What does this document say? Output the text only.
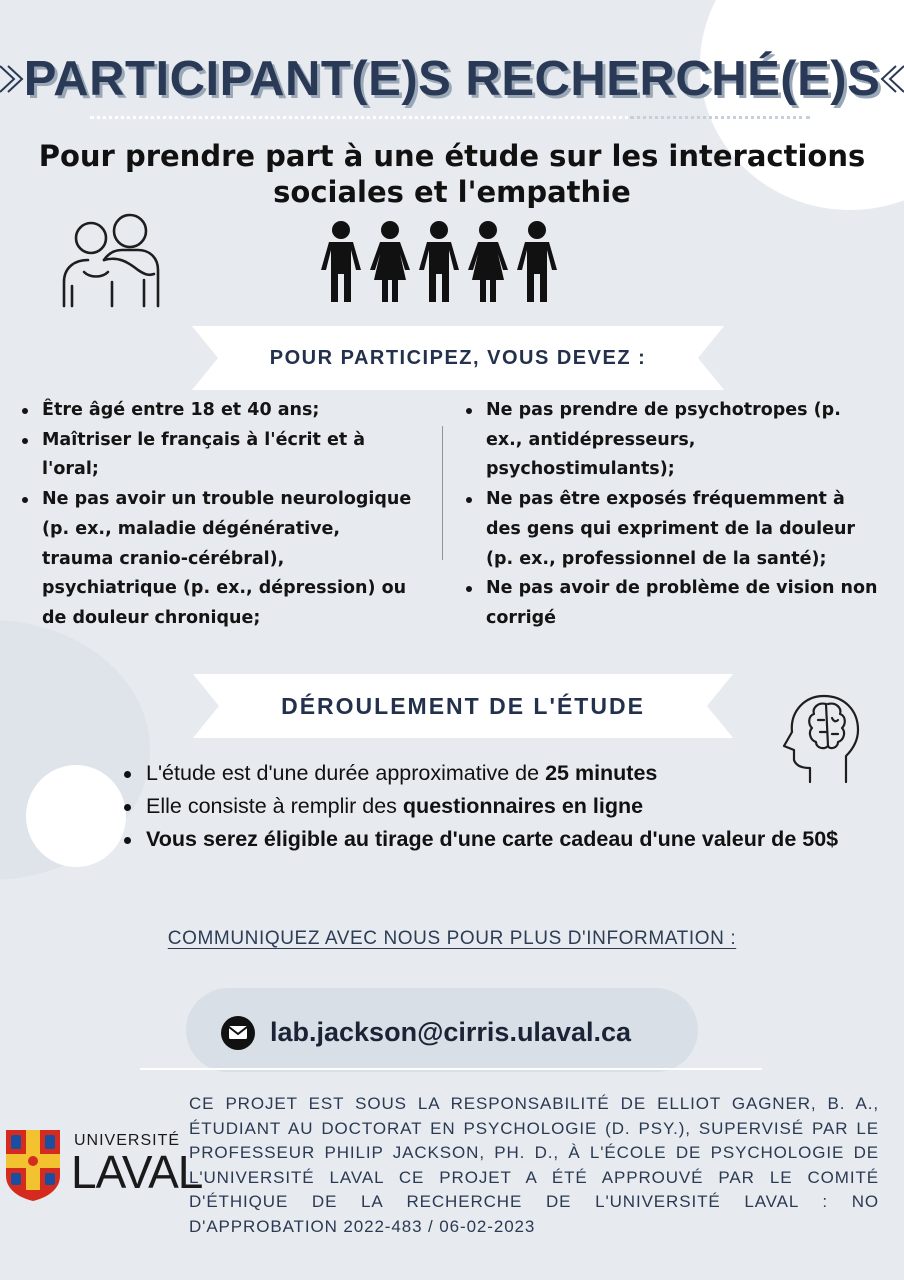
PARTICIPANT(E)S RECHERCHÉ(E)S
Pour prendre part à une étude sur les interactions sociales et l'empathie
POUR PARTICIPEZ, VOUS DEVEZ :
Être âgé entre 18 et 40 ans;
Maîtriser le français à l'écrit et à l'oral;
Ne pas avoir un trouble neurologique (p. ex., maladie dégénérative, trauma cranio-cérébral), psychiatrique (p. ex., dépression) ou de douleur chronique;
Ne pas prendre de psychotropes (p. ex., antidépresseurs, psychostimulants);
Ne pas être exposés fréquemment à des gens qui expriment de la douleur (p. ex., professionnel de la santé);
Ne pas avoir de problème de vision non corrigé
DÉROULEMENT DE L'ÉTUDE
L'étude est d'une durée approximative de 25 minutes
Elle consiste à remplir des questionnaires en ligne
Vous serez éligible au tirage d'une carte cadeau d'une valeur de 50$
COMMUNIQUEZ AVEC NOUS POUR PLUS D'INFORMATION :
lab.jackson@cirris.ulaval.ca
UNIVERSITÉ
LAVAL
CE PROJET EST SOUS LA RESPONSABILITÉ DE ELLIOT GAGNER, B. A., ÉTUDIANT AU DOCTORAT EN PSYCHOLOGIE (D. PSY.), SUPERVISÉ PAR LE PROFESSEUR PHILIP JACKSON, PH. D., À L'ÉCOLE DE PSYCHOLOGIE DE L'UNIVERSITÉ LAVAL CE PROJET A ÉTÉ APPROUVÉ PAR LE COMITÉ D'ÉTHIQUE DE LA RECHERCHE DE L'UNIVERSITÉ LAVAL : NO D'APPROBATION 2022-483 / 06-02-2023
